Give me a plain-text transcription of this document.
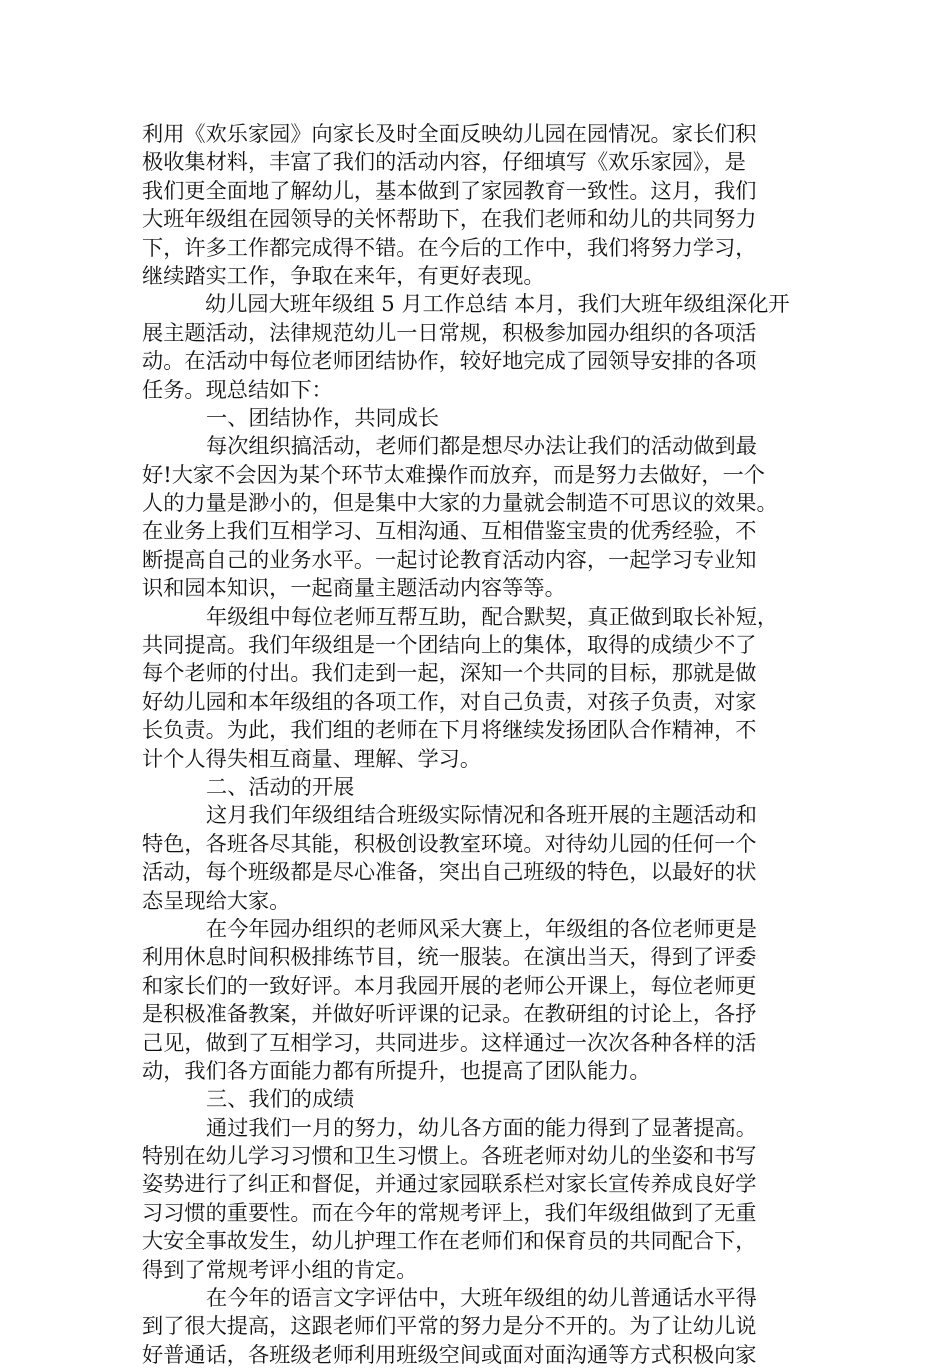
利用《欢乐家园》向家长及时全面反映幼儿园在园情况。家长们积
极收集材料，丰富了我们的活动内容，仔细填写《欢乐家园》，是
我们更全面地了解幼儿，基本做到了家园教育一致性。这月，我们
大班年级组在园领导的关怀帮助下，在我们老师和幼儿的共同努力
下，许多工作都完成得不错。在今后的工作中，我们将努力学习，
继续踏实工作，争取在来年，有更好表现。
幼儿园大班年级组 5 月工作总结 本月，我们大班年级组深化开
展主题活动，法律规范幼儿一日常规，积极参加园办组织的各项活
动。在活动中每位老师团结协作，较好地完成了园领导安排的各项
任务。现总结如下：
一、团结协作，共同成长
每次组织搞活动，老师们都是想尽办法让我们的活动做到最
好!大家不会因为某个环节太难操作而放弃，而是努力去做好，一个
人的力量是渺小的，但是集中大家的力量就会制造不可思议的效果。
在业务上我们互相学习、互相沟通、互相借鉴宝贵的优秀经验，不
断提高自己的业务水平。一起讨论教育活动内容，一起学习专业知
识和园本知识，一起商量主题活动内容等等。
年级组中每位老师互帮互助，配合默契，真正做到取长补短，
共同提高。我们年级组是一个团结向上的集体，取得的成绩少不了
每个老师的付出。我们走到一起，深知一个共同的目标，那就是做
好幼儿园和本年级组的各项工作，对自己负责，对孩子负责，对家
长负责。为此，我们组的老师在下月将继续发扬团队合作精神，不
计个人得失相互商量、理解、学习。
二、活动的开展
这月我们年级组结合班级实际情况和各班开展的主题活动和
特色，各班各尽其能，积极创设教室环境。对待幼儿园的任何一个
活动，每个班级都是尽心准备，突出自己班级的特色，以最好的状
态呈现给大家。
在今年园办组织的老师风采大赛上，年级组的各位老师更是
利用休息时间积极排练节目，统一服装。在演出当天，得到了评委
和家长们的一致好评。本月我园开展的老师公开课上，每位老师更
是积极准备教案，并做好听评课的记录。在教研组的讨论上，各抒
己见，做到了互相学习，共同进步。这样通过一次次各种各样的活
动，我们各方面能力都有所提升，也提高了团队能力。
三、我们的成绩
通过我们一月的努力，幼儿各方面的能力得到了显著提高。
特别在幼儿学习习惯和卫生习惯上。各班老师对幼儿的坐姿和书写
姿势进行了纠正和督促，并通过家园联系栏对家长宣传养成良好学
习习惯的重要性。而在今年的常规考评上，我们年级组做到了无重
大安全事故发生，幼儿护理工作在老师们和保育员的共同配合下，
得到了常规考评小组的肯定。
在今年的语言文字评估中，大班年级组的幼儿普通话水平得
到了很大提高，这跟老师们平常的努力是分不开的。为了让幼儿说
好普通话，各班级老师利用班级空间或面对面沟通等方式积极向家
